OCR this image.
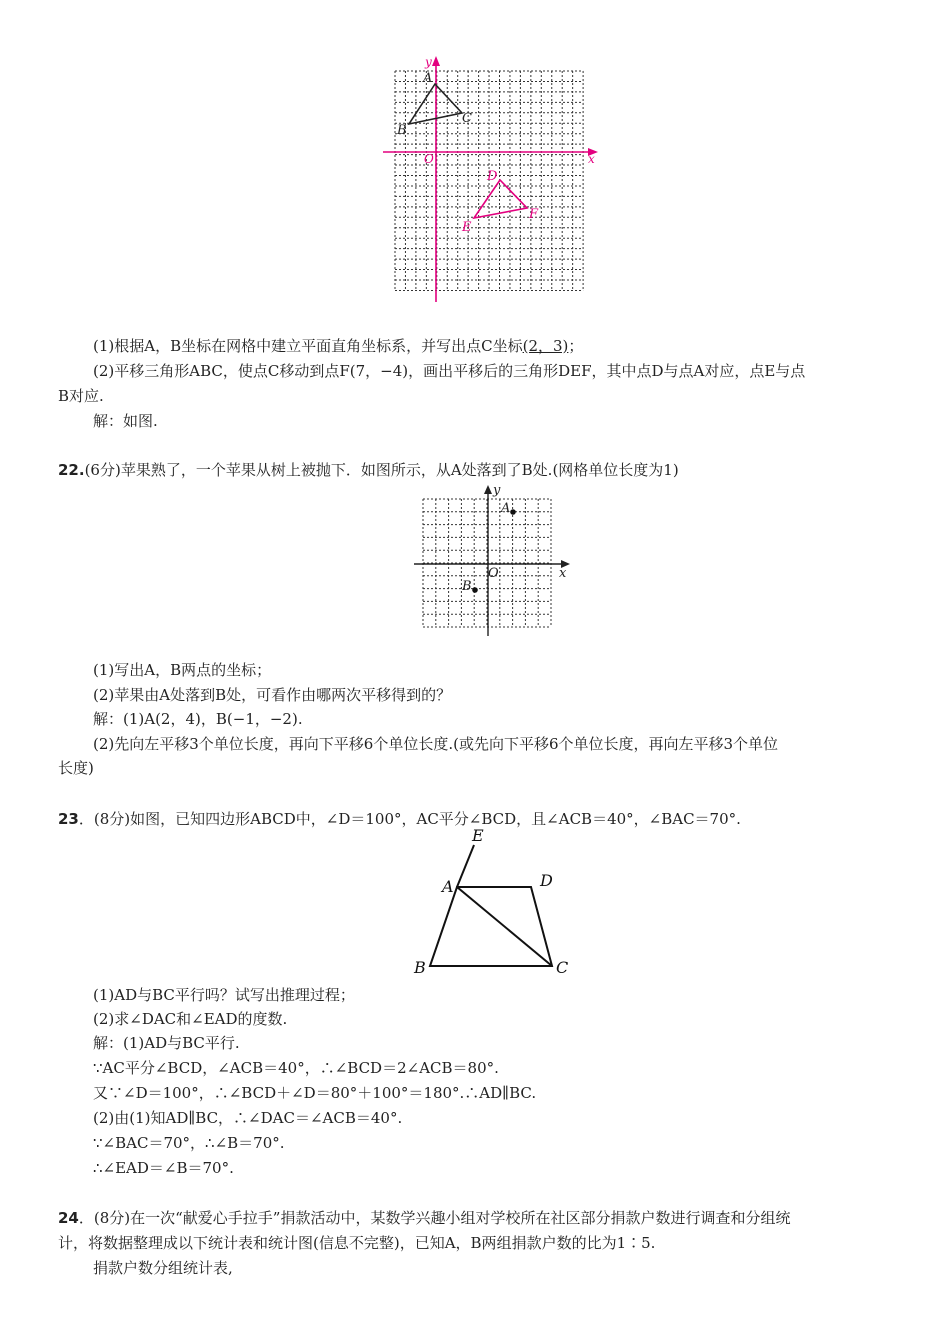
y
x
O
A
B
C
D
E
F
(1)根据A，B坐标在网格中建立平面直角坐标系，并写出点C坐标(2，3)；
(2)平移三角形ABC，使点C移动到点F(7，−4)，画出平移后的三角形DEF，其中点D与点A对应，点E与点
B对应.
解：如图.
22.(6分)苹果熟了，一个苹果从树上被抛下．如图所示，从A处落到了B处.(网格单位长度为1)
y
x
O
A
B
(1)写出A，B两点的坐标；
(2)苹果由A处落到B处，可看作由哪两次平移得到的？
解：(1)A(2，4)，B(−1，−2).
(2)先向左平移3个单位长度，再向下平移6个单位长度.(或先向下平移6个单位长度，再向左平移3个单位
长度)
23．(8分)如图，已知四边形ABCD中，∠D＝100°，AC平分∠BCD，且∠ACB＝40°，∠BAC＝70°.
E
A	D
B	C
(1)AD与BC平行吗？试写出推理过程；
(2)求∠DAC和∠EAD的度数.
解：(1)AD与BC平行.
∵AC平分∠BCD，∠ACB＝40°，∴∠BCD＝2∠ACB＝80°.
又∵∠D＝100°，∴∠BCD＋∠D＝80°＋100°＝180°.∴AD∥BC.
(2)由(1)知AD∥BC，∴∠DAC＝∠ACB＝40°.
∵∠BAC＝70°，∴∠B＝70°.
∴∠EAD＝∠B＝70°.
24．(8分)在一次“献爱心手拉手”捐款活动中，某数学兴趣小组对学校所在社区部分捐款户数进行调查和分组统
计，将数据整理成以下统计表和统计图(信息不完整)，已知A，B两组捐款户数的比为1∶5.
捐款户数分组统计表,
